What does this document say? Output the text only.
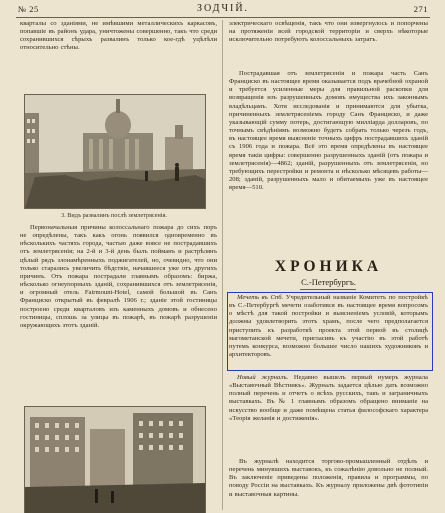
№ 25	ЗОДЧІЙ.	271
кварталы со зданіями, не имѣвшими металлическихъ каркасовъ, попавшіе въ районъ удара, уничтожены совершенно, такъ что среди сохранившихся сѣрыхъ развалинъ только кое-гдѣ уцѣлѣли относительно стѣны.
3. Видъ развалинъ послѣ землетрясенія.
Первоначальныя причины колоссальнаго пожара до сихъ поръ не опредѣлены, такъ какъ огонь появился одновременно въ нѣсколькихъ частяхъ города, частью даже вовсе не пострадавшихъ отъ землетрясенія; на 2-й и 3-й день былъ пойманъ и растрѣлянъ цѣлый рядъ злонамѣренныхъ поджигателей, но, очевидно, что они только старались увеличить бѣдствіе, начавшееся уже отъ другихъ причинъ. Отъ пожара пострадали главнымъ образомъ: биржа, нѣсколько огнеупорныхъ зданій, сохранившихся отъ землетрясенія, и огромный отель Fairmount-Hotel, самой большой въ Санъ Франциско открытый въ февралѣ 1906 г.; зданіе этой гостиницы построено среди кварталовъ изъ каменныхъ домовъ и обнесено гостиницы, сплошь за улицы въ пожарѣ, въ пожарѣ разрушеніи окружающихъ этотъ зданій.
электрическаго освѣщенія, такъ что они извергнулось и попорчены на протяженіи всей городской территоріи и сверхъ нѣкоторые исключительно потребуютъ колоссальныхъ затратъ.
Пострадавшая отъ землетрясенія и пожара часть Санъ Франциско въ настоящее время оказывается подъ врачебной охраной и требуется усиленные меры для правильной раскопки для возвращенія изъ разрушенныхъ домовъ имущества ихъ законнымъ владѣльцамъ. Хотя исследованія и принимаются для убытка, причиненныхъ землетрясеніемъ городу Санъ Франциско, и даже указывающій сумму потерь, достигающую милліарда долларовъ, по точнымъ свѣдѣніямъ возможно будетъ собрать только черезъ годъ, въ настоящее время выясненіе точныхъ цифръ пострадавшихъ зданій съ 1906 года и пожара. Всё это время опредѣлены въ настоящее время такія цифры: совершенно разрушенныхъ зданій (отъ пожара и землетрясенія)—4862; зданій, разрушенныхъ отъ землетрясенія, но требующихъ перестройки и ремонта и нѣсколько мѣсяцевъ работы—208; зданій, разрушенныхъ мало и обитаемыхъ уже въ настоящее время—510.
ХРОНИКА
С.-Петербургъ.
Мечеть въ Спб. Учредительный названіе Комитетъ по постройкѣ въ С.-Петербургѣ мечети озаботився въ настоящее время вопросомъ о мѣстѣ для такой постройки и выясненіемъ условій, которымъ должны удовлетворить этотъ храмъ, после чего предполагается приступить къ разработкѣ проекта этой первой въ столицѣ магометанской мечети, пригласивъ къ участію въ этой работѣ путемъ конкурса, возможно большее число нашихъ художниковъ и архитекторовъ.
Новый журналъ. Недавно вышелъ первый нумеръ журнала «Выставочный Вѣстникъ». Журналъ задается цѣлью дать возможно полный перечень и отчетъ о всѣхъ русскихъ, такъ и заграничныхъ выставкахъ. Въ № 1 главнымъ образомъ обращено вниманіе на искусство вообще и даже помѣщена статья философскаго характера «Теорія желанія и достиженія».
Въ журналѣ находится торгово-промышленный отдѣлъ и перечень минувшихъ выставокъ, къ сожалѣнію довольно не полный. Въ заключеніе приведены положенія, правила и программы, по поводу Россіи на выставкахъ. Къ журналу приложены двѣ фототипіи и выставочныя картины.
